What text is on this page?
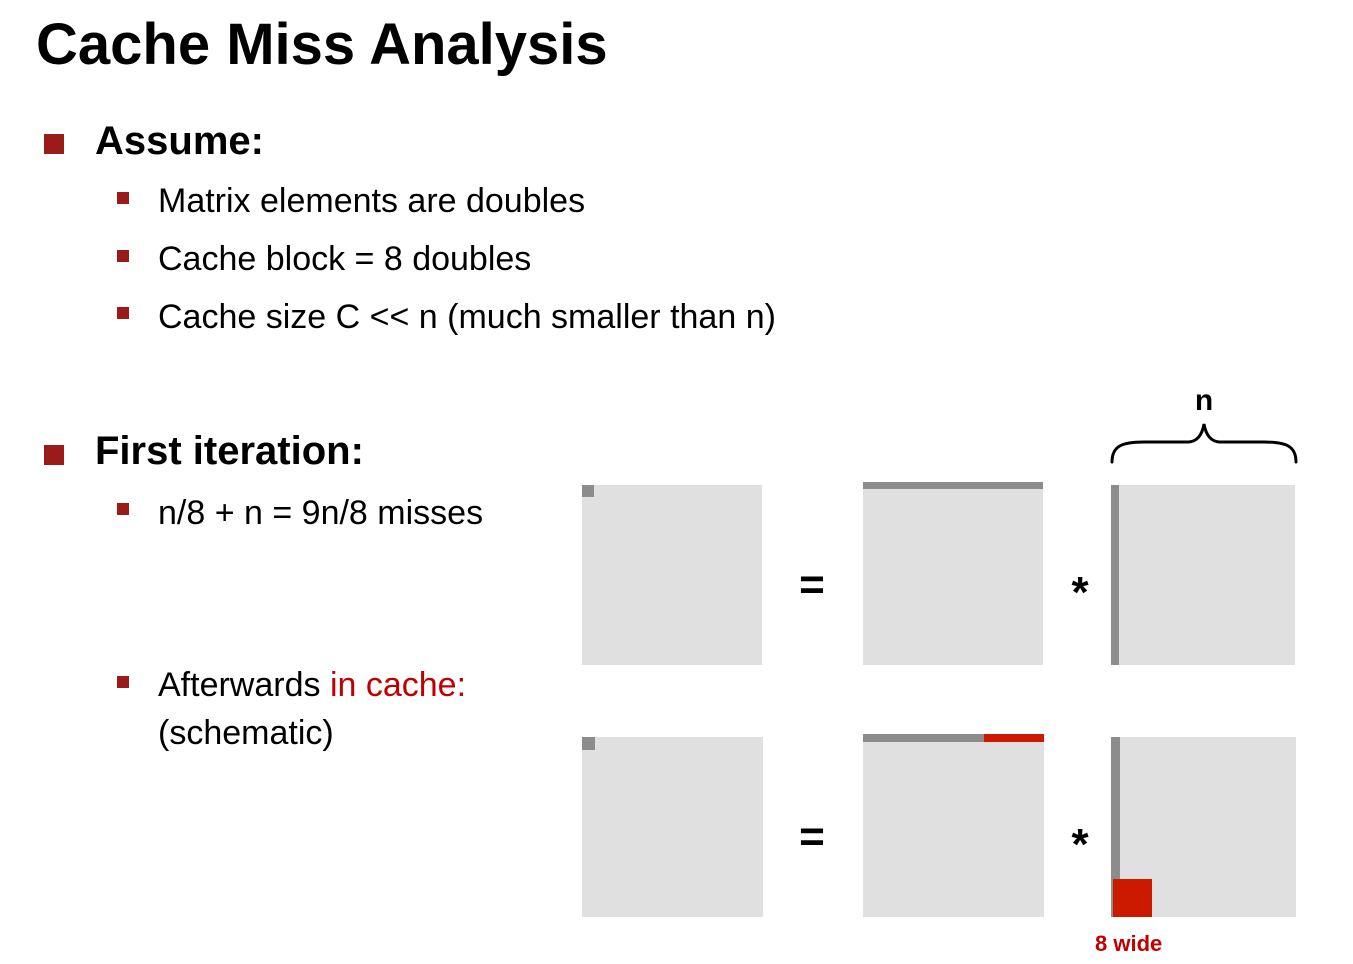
Cache Miss Analysis
Assume:
Matrix elements are doubles
Cache block = 8 doubles
Cache size C << n (much smaller than n)
First iteration:
n/8 + n = 9n/8 misses
Afterwards in cache:
(schematic)
n
=	*
=	*
8 wide
